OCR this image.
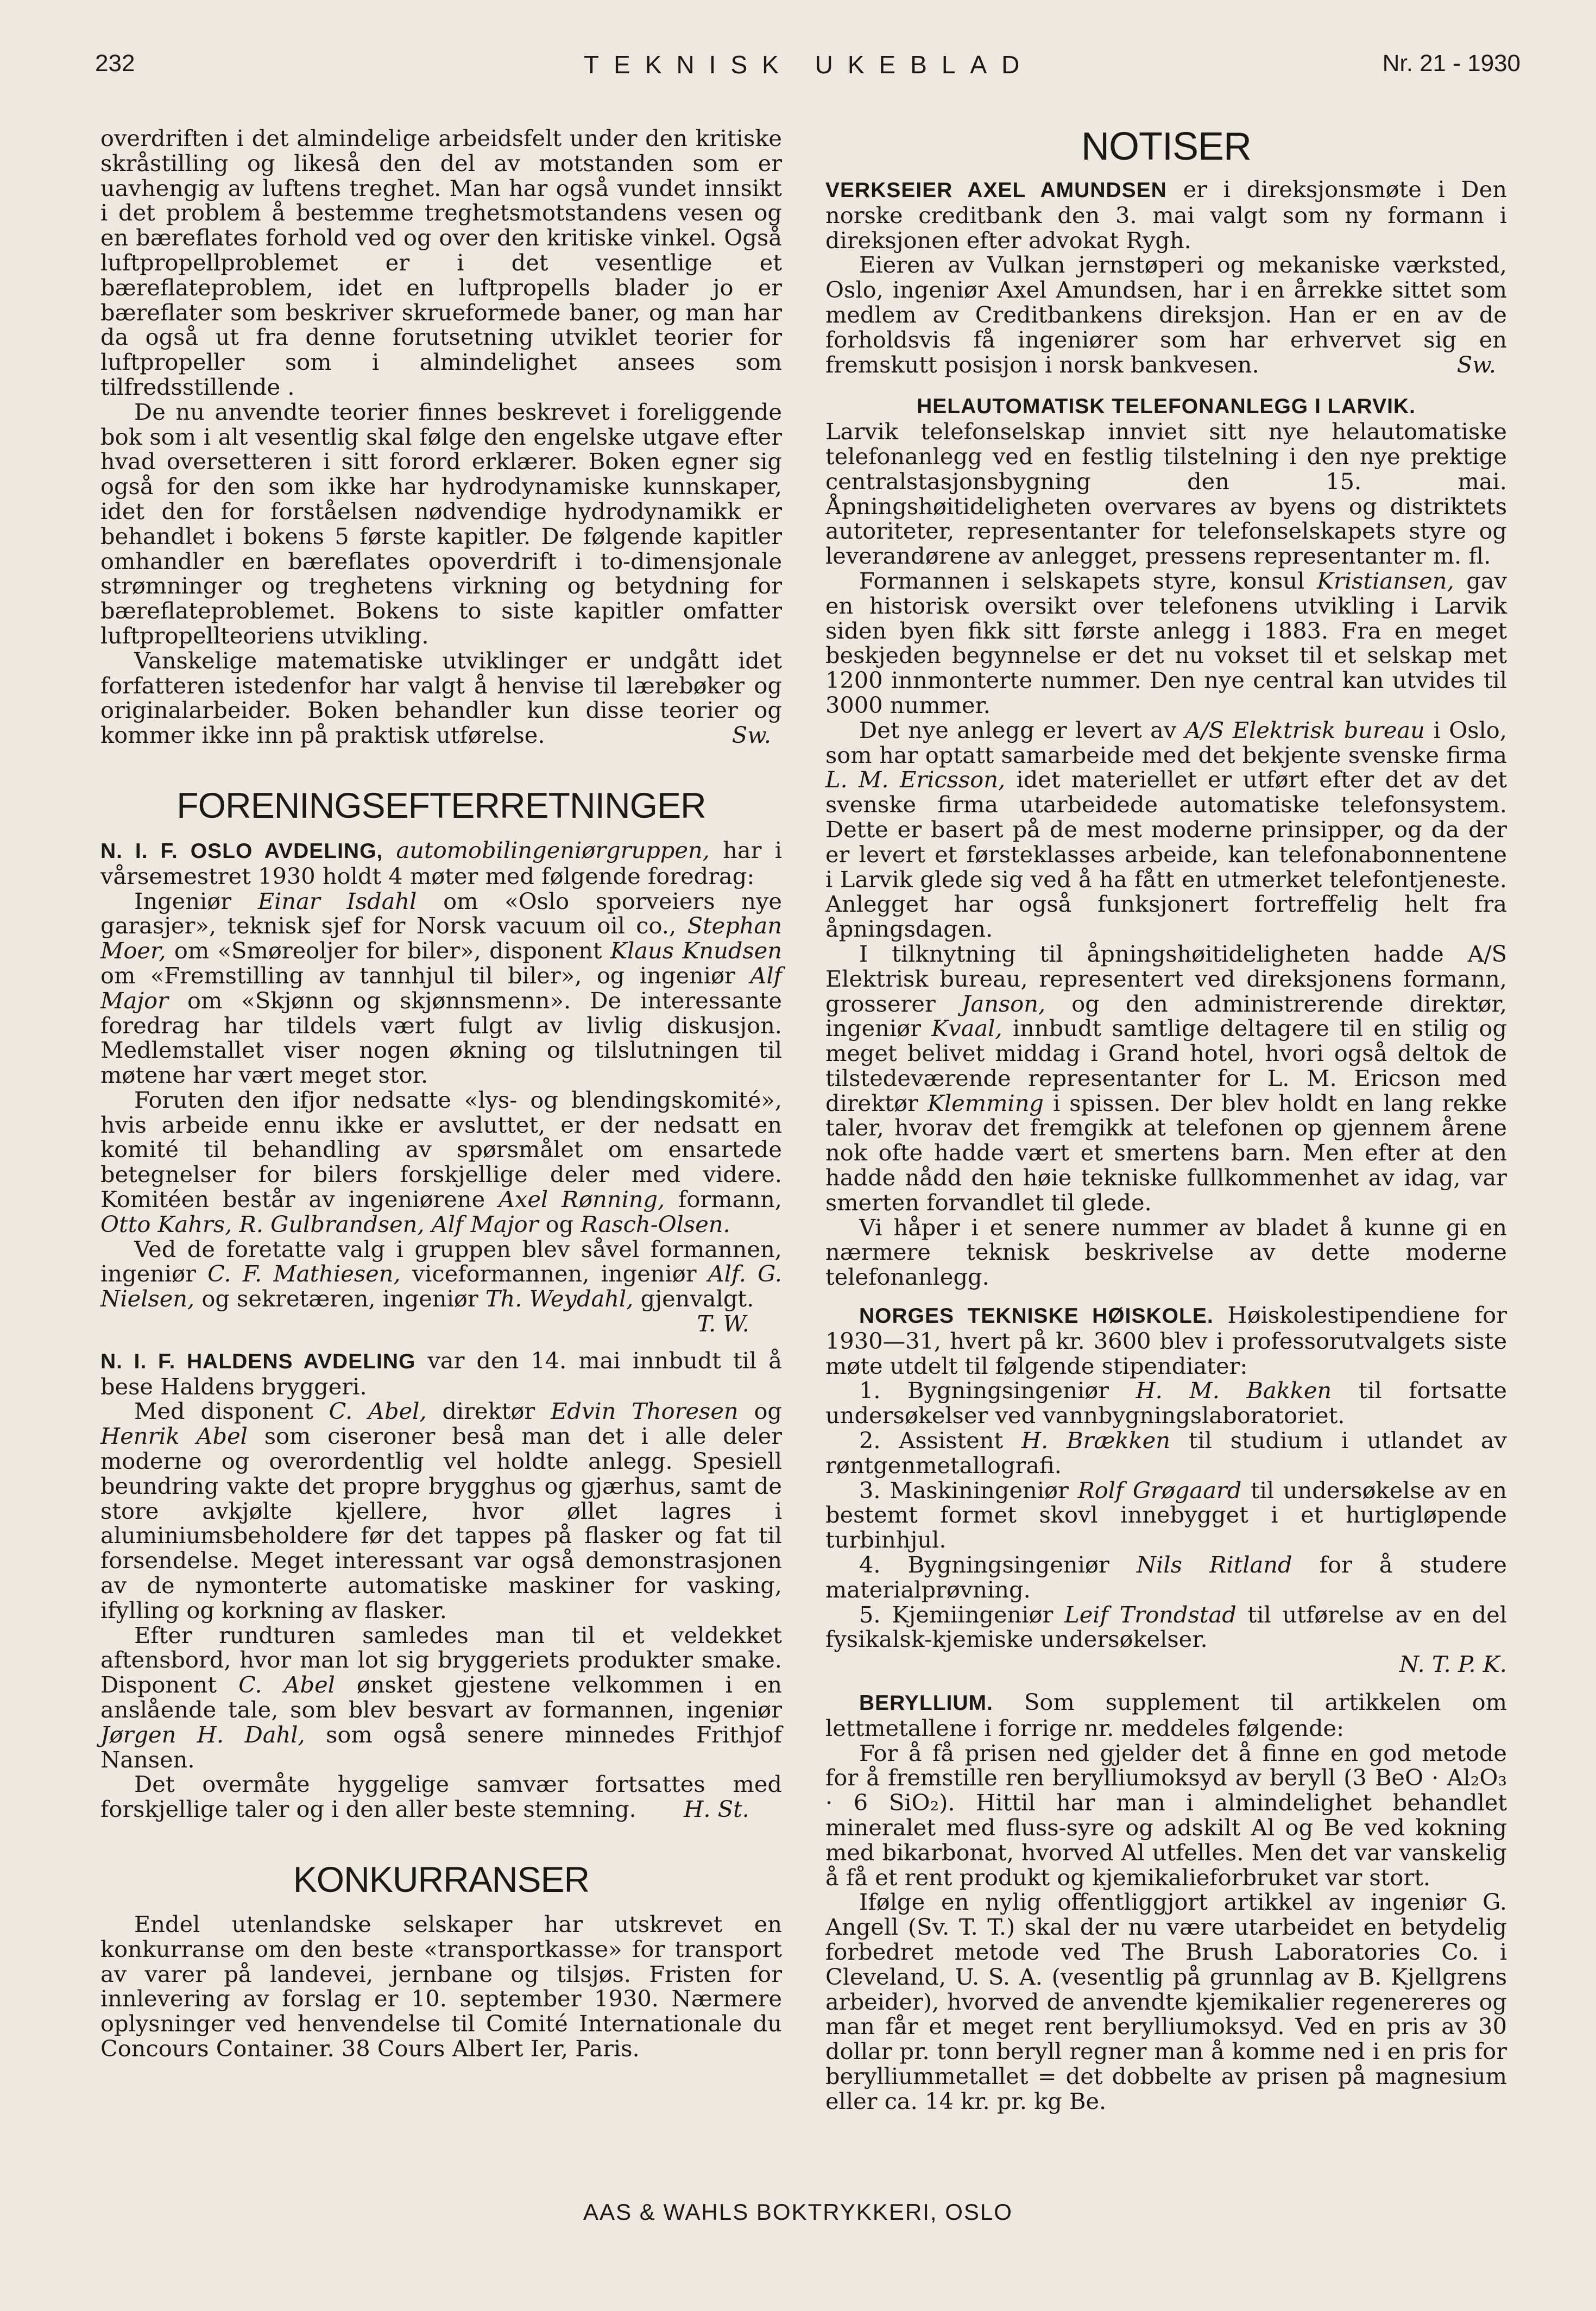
232	TEKNISK UKEBLAD	Nr. 21 - 1930

overdriften i det almindelige arbeidsfelt under den kritiske skråstilling og likeså den del av motstanden som er uavhengig av luftens treghet. Man har også vundet innsikt i det problem å bestemme treghetsmotstandens vesen og en bæreflates forhold ved og over den kritiske vinkel. Også luftpropellproblemet er i det vesentlige et bæreflateproblem, idet en luftpropells blader jo er bæreflater som beskriver skrueformede baner, og man har da også ut fra denne forutsetning utviklet teorier for luftpropeller som i almindelighet ansees som tilfredsstillende .

De nu anvendte teorier finnes beskrevet i foreliggende bok som i alt vesentlig skal følge den engelske utgave efter hvad oversetteren i sitt forord erklærer. Boken egner sig også for den som ikke har hydrodynamiske kunnskaper, idet den for forståelsen nødvendige hydrodynamikk er behandlet i bokens 5 første kapitler. De følgende kapitler omhandler en bæreflates opoverdrift i to-dimensjonale strømninger og treghetens virkning og betydning for bæreflateproblemet. Bokens to siste kapitler omfatter luftpropellteoriens utvikling.

Vanskelige matematiske utviklinger er undgått idet forfatteren istedenfor har valgt å henvise til lærebøker og originalarbeider. Boken behandler kun disse teorier og kommer ikke inn på praktisk utførelse.	Sw.

FORENINGSEFTERRETNINGER

N. I. F. OSLO AVDELING, automobilingeniørgruppen, har i vårsemestret 1930 holdt 4 møter med følgende foredrag:

Ingeniør Einar Isdahl om «Oslo sporveiers nye garasjer», teknisk sjef for Norsk vacuum oil co., Stephan Moer, om «Smøreoljer for biler», disponent Klaus Knudsen om «Fremstilling av tannhjul til biler», og ingeniør Alf Major om «Skjønn og skjønnsmenn». De interessante foredrag har tildels vært fulgt av livlig diskusjon. Medlemstallet viser nogen økning og tilslutningen til møtene har vært meget stor.

Foruten den ifjor nedsatte «lys- og blendingskomité», hvis arbeide ennu ikke er avsluttet, er der nedsatt en komité til behandling av spørsmålet om ensartede betegnelser for bilers forskjellige deler med videre. Komitéen består av ingeniørene Axel Rønning, formann, Otto Kahrs, R. Gulbrandsen, Alf Major og Rasch-Olsen.

Ved de foretatte valg i gruppen blev såvel formannen, ingeniør C. F. Mathiesen, viceformannen, ingeniør Alf. G. Nielsen, og sekretæren, ingeniør Th. Weydahl, gjenvalgt.

T. W.

N. I. F. HALDENS AVDELING var den 14. mai innbudt til å bese Haldens bryggeri.

Med disponent C. Abel, direktør Edvin Thoresen og Henrik Abel som ciseroner beså man det i alle deler moderne og overordentlig vel holdte anlegg. Spesiell beundring vakte det propre brygghus og gjærhus, samt de store avkjølte kjellere, hvor øllet lagres i aluminiumsbeholdere før det tappes på flasker og fat til forsendelse. Meget interessant var også demonstrasjonen av de nymonterte automatiske maskiner for vasking, ifylling og korkning av flasker.

Efter rundturen samledes man til et veldekket aftensbord, hvor man lot sig bryggeriets produkter smake. Disponent C. Abel ønsket gjestene velkommen i en anslående tale, som blev besvart av formannen, ingeniør Jørgen H. Dahl, som også senere minnedes Frithjof Nansen.

Det overmåte hyggelige samvær fortsattes med forskjellige taler og i den aller beste stemning.	H. St.

KONKURRANSER

Endel utenlandske selskaper har utskrevet en konkurranse om den beste «transportkasse» for transport av varer på landevei, jernbane og tilsjøs. Fristen for innlevering av forslag er 10. september 1930. Nærmere oplysninger ved henvendelse til Comité Internationale du Concours Container. 38 Cours Albert Ier, Paris.

NOTISER

VERKSEIER AXEL AMUNDSEN er i direksjonsmøte i Den norske creditbank den 3. mai valgt som ny formann i direksjonen efter advokat Rygh.

Eieren av Vulkan jernstøperi og mekaniske værksted, Oslo, ingeniør Axel Amundsen, har i en årrekke sittet som medlem av Creditbankens direksjon. Han er en av de forholdsvis få ingeniører som har erhvervet sig en fremskutt posisjon i norsk bankvesen.	Sw.

HELAUTOMATISK TELEFONANLEGG I LARVIK.

Larvik telefonselskap innviet sitt nye helautomatiske telefonanlegg ved en festlig tilstelning i den nye prektige centralstasjonsbygning den 15. mai. Åpningshøitideligheten overvares av byens og distriktets autoriteter, representanter for telefonselskapets styre og leverandørene av anlegget, pressens representanter m. fl.

Formannen i selskapets styre, konsul Kristiansen, gav en historisk oversikt over telefonens utvikling i Larvik siden byen fikk sitt første anlegg i 1883. Fra en meget beskjeden begynnelse er det nu vokset til et selskap met 1200 innmonterte nummer. Den nye central kan utvides til 3000 nummer.

Det nye anlegg er levert av A/S Elektrisk bureau i Oslo, som har optatt samarbeide med det bekjente svenske firma L. M. Ericsson, idet materiellet er utført efter det av det svenske firma utarbeidede automatiske telefonsystem. Dette er basert på de mest moderne prinsipper, og da der er levert et førsteklasses arbeide, kan telefonabonnentene i Larvik glede sig ved å ha fått en utmerket telefontjeneste. Anlegget har også funksjonert fortreffelig helt fra åpningsdagen.

I tilknytning til åpningshøitideligheten hadde A/S Elektrisk bureau, representert ved direksjonens formann, grosserer Janson, og den administrerende direktør, ingeniør Kvaal, innbudt samtlige deltagere til en stilig og meget belivet middag i Grand hotel, hvori også deltok de tilstedeværende representanter for L. M. Ericson med direktør Klemming i spissen. Der blev holdt en lang rekke taler, hvorav det fremgikk at telefonen op gjennem årene nok ofte hadde vært et smertens barn. Men efter at den hadde nådd den høie tekniske fullkommenhet av idag, var smerten forvandlet til glede.

Vi håper i et senere nummer av bladet å kunne gi en nærmere teknisk beskrivelse av dette moderne telefonanlegg.

NORGES TEKNISKE HØISKOLE. Høiskolestipendiene for 1930—31, hvert på kr. 3600 blev i professorutvalgets siste møte utdelt til følgende stipendiater:

1. Bygningsingeniør H. M. Bakken til fortsatte undersøkelser ved vannbygningslaboratoriet.

2. Assistent H. Brækken til studium i utlandet av røntgenmetallografi.

3. Maskiningeniør Rolf Grøgaard til undersøkelse av en bestemt formet skovl innebygget i et hurtigløpende turbinhjul.

4. Bygningsingeniør Nils Ritland for å studere materialprøvning.

5. Kjemiingeniør Leif Trondstad til utførelse av en del fysikalsk-kjemiske undersøkelser.

N. T. P. K.

BERYLLIUM. Som supplement til artikkelen om lettmetallene i forrige nr. meddeles følgende:

For å få prisen ned gjelder det å finne en god metode for å fremstille ren berylliumoksyd av beryll (3 BeO · Al₂O₃ · 6 SiO₂). Hittil har man i almindelighet behandlet mineralet med fluss-syre og adskilt Al og Be ved kokning med bikarbonat, hvorved Al utfelles. Men det var vanskelig å få et rent produkt og kjemikalieforbruket var stort.

Ifølge en nylig offentliggjort artikkel av ingeniør G. Angell (Sv. T. T.) skal der nu være utarbeidet en betydelig forbedret metode ved The Brush Laboratories Co. i Cleveland, U. S. A. (vesentlig på grunnlag av B. Kjellgrens arbeider), hvorved de anvendte kjemikalier regenereres og man får et meget rent berylliumoksyd. Ved en pris av 30 dollar pr. tonn beryll regner man å komme ned i en pris for berylliummetallet = det dobbelte av prisen på magnesium eller ca. 14 kr. pr. kg Be.

AAS & WAHLS BOKTRYKKERI, OSLO
